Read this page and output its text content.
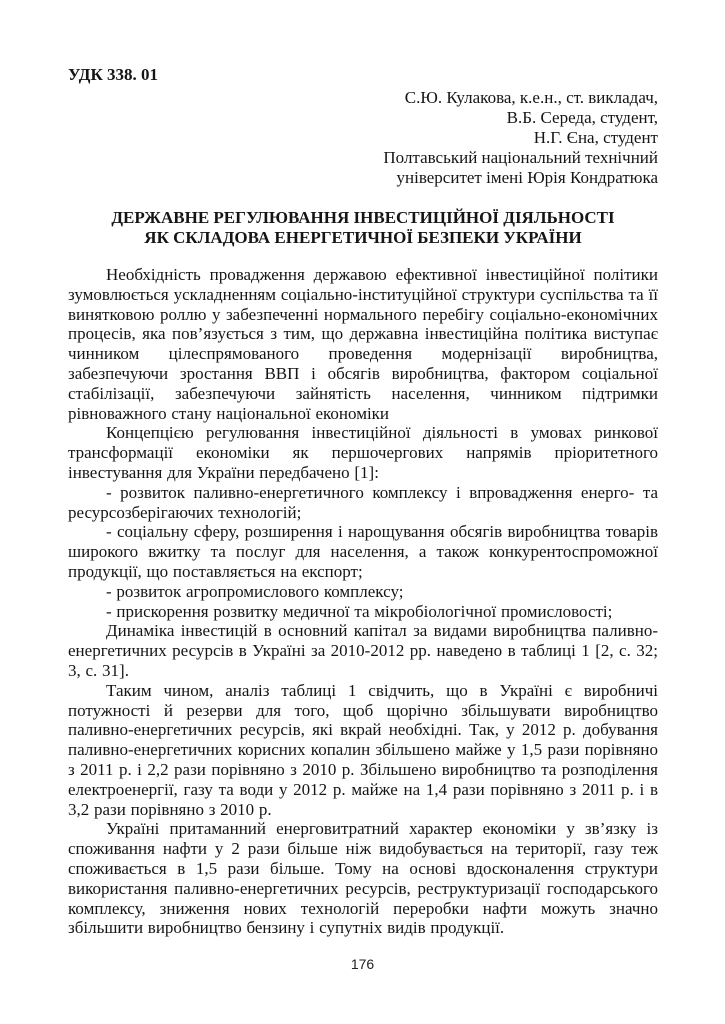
УДК 338. 01
С.Ю. Кулакова, к.е.н., ст. викладач,
В.Б. Середа, студент,
Н.Г. Єна, студент
Полтавський національний технічний
університет імені Юрія Кондратюка
ДЕРЖАВНЕ РЕГУЛЮВАННЯ ІНВЕСТИЦІЙНОЇ ДІЯЛЬНОСТІ
ЯК СКЛАДОВА ЕНЕРГЕТИЧНОЇ БЕЗПЕКИ УКРАЇНИ

Необхідність провадження державою ефективної інвестиційної політики зумовлюється ускладненням соціально-інституційної структури суспільства та її винятковою роллю у забезпеченні нормального перебігу соціально-економічних процесів, яка пов’язується з тим, що державна інвестиційна політика виступає чинником цілеспрямованого проведення модернізації виробництва, забезпечуючи зростання ВВП і обсягів виробництва, фактором соціальної стабілізації, забезпечуючи зайнятість населення, чинником підтримки рівноважного стану національної економіки

Концепцією регулювання інвестиційної діяльності в умовах ринкової трансформації економіки як першочергових напрямів пріоритетного інвестування для України передбачено [1]:

- розвиток паливно-енергетичного комплексу і впровадження енерго- та ресурсозберігаючих технологій;

- соціальну сферу, розширення і нарощування обсягів виробництва товарів широкого вжитку та послуг для населення, а також конкурентоспроможної продукції, що поставляється на експорт;

- розвиток агропромислового комплексу;

- прискорення розвитку медичної та мікробіологічної промисловості;

Динаміка інвестицій в основний капітал за видами виробництва паливно-енергетичних ресурсів в Україні за 2010-2012 рр. наведено в таблиці 1 [2, с. 32; 3, с. 31].

Таким чином, аналіз таблиці 1 свідчить, що в Україні є виробничі потужності й резерви для того, щоб щорічно збільшувати виробництво паливно-енергетичних ресурсів, які вкрай необхідні. Так, у 2012 р. добування паливно-енергетичних корисних копалин збільшено майже у 1,5 рази порівняно з 2011 р. і 2,2 рази порівняно з 2010 р. Збільшено виробництво та розподілення електроенергії, газу та води у 2012 р. майже на 1,4 рази порівняно з 2011 р. і в 3,2 рази порівняно з 2010 р.

Україні притаманний енерговитратний характер економіки у зв’язку із споживання нафти у 2 рази більше ніж видобувається на території, газу теж споживається в 1,5 рази більше. Тому на основі вдосконалення структури використання паливно-енергетичних ресурсів, реструктуризації господарського комплексу, зниження нових технологій переробки нафти можуть значно збільшити виробництво бензину і супутніх видів продукції.

176
